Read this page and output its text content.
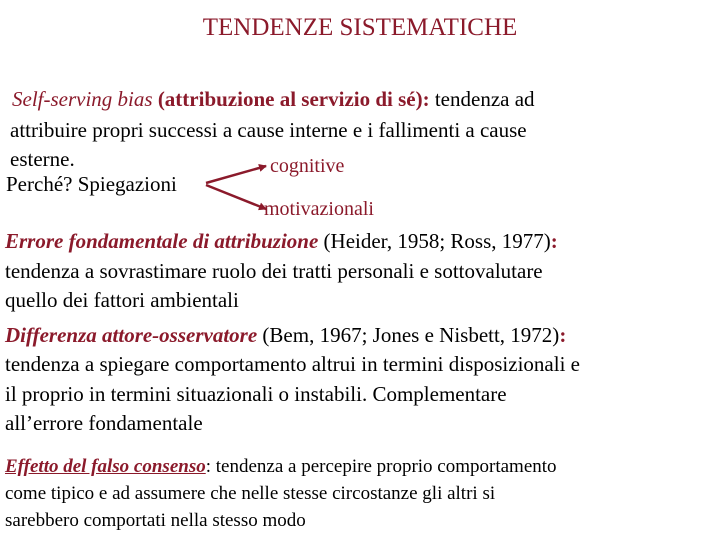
TENDENZE SISTEMATICHE
Self-serving bias (attribuzione al servizio di sé): tendenza ad
attribuire propri successi a cause interne e i fallimenti a cause
esterne.
Perché? Spiegazioni
cognitive
motivazionali
Errore fondamentale di attribuzione (Heider, 1958; Ross, 1977):
tendenza a sovrastimare ruolo dei tratti personali e sottovalutare
quello dei fattori ambientali
Differenza attore-osservatore (Bem, 1967; Jones e Nisbett, 1972):
tendenza a spiegare comportamento altrui in termini disposizionali e
il proprio in termini situazionali o instabili. Complementare
all’errore fondamentale
Effetto del falso consenso: tendenza a percepire proprio comportamento
come tipico e ad assumere che nelle stesse circostanze gli altri si
sarebbero comportati nella stesso modo
